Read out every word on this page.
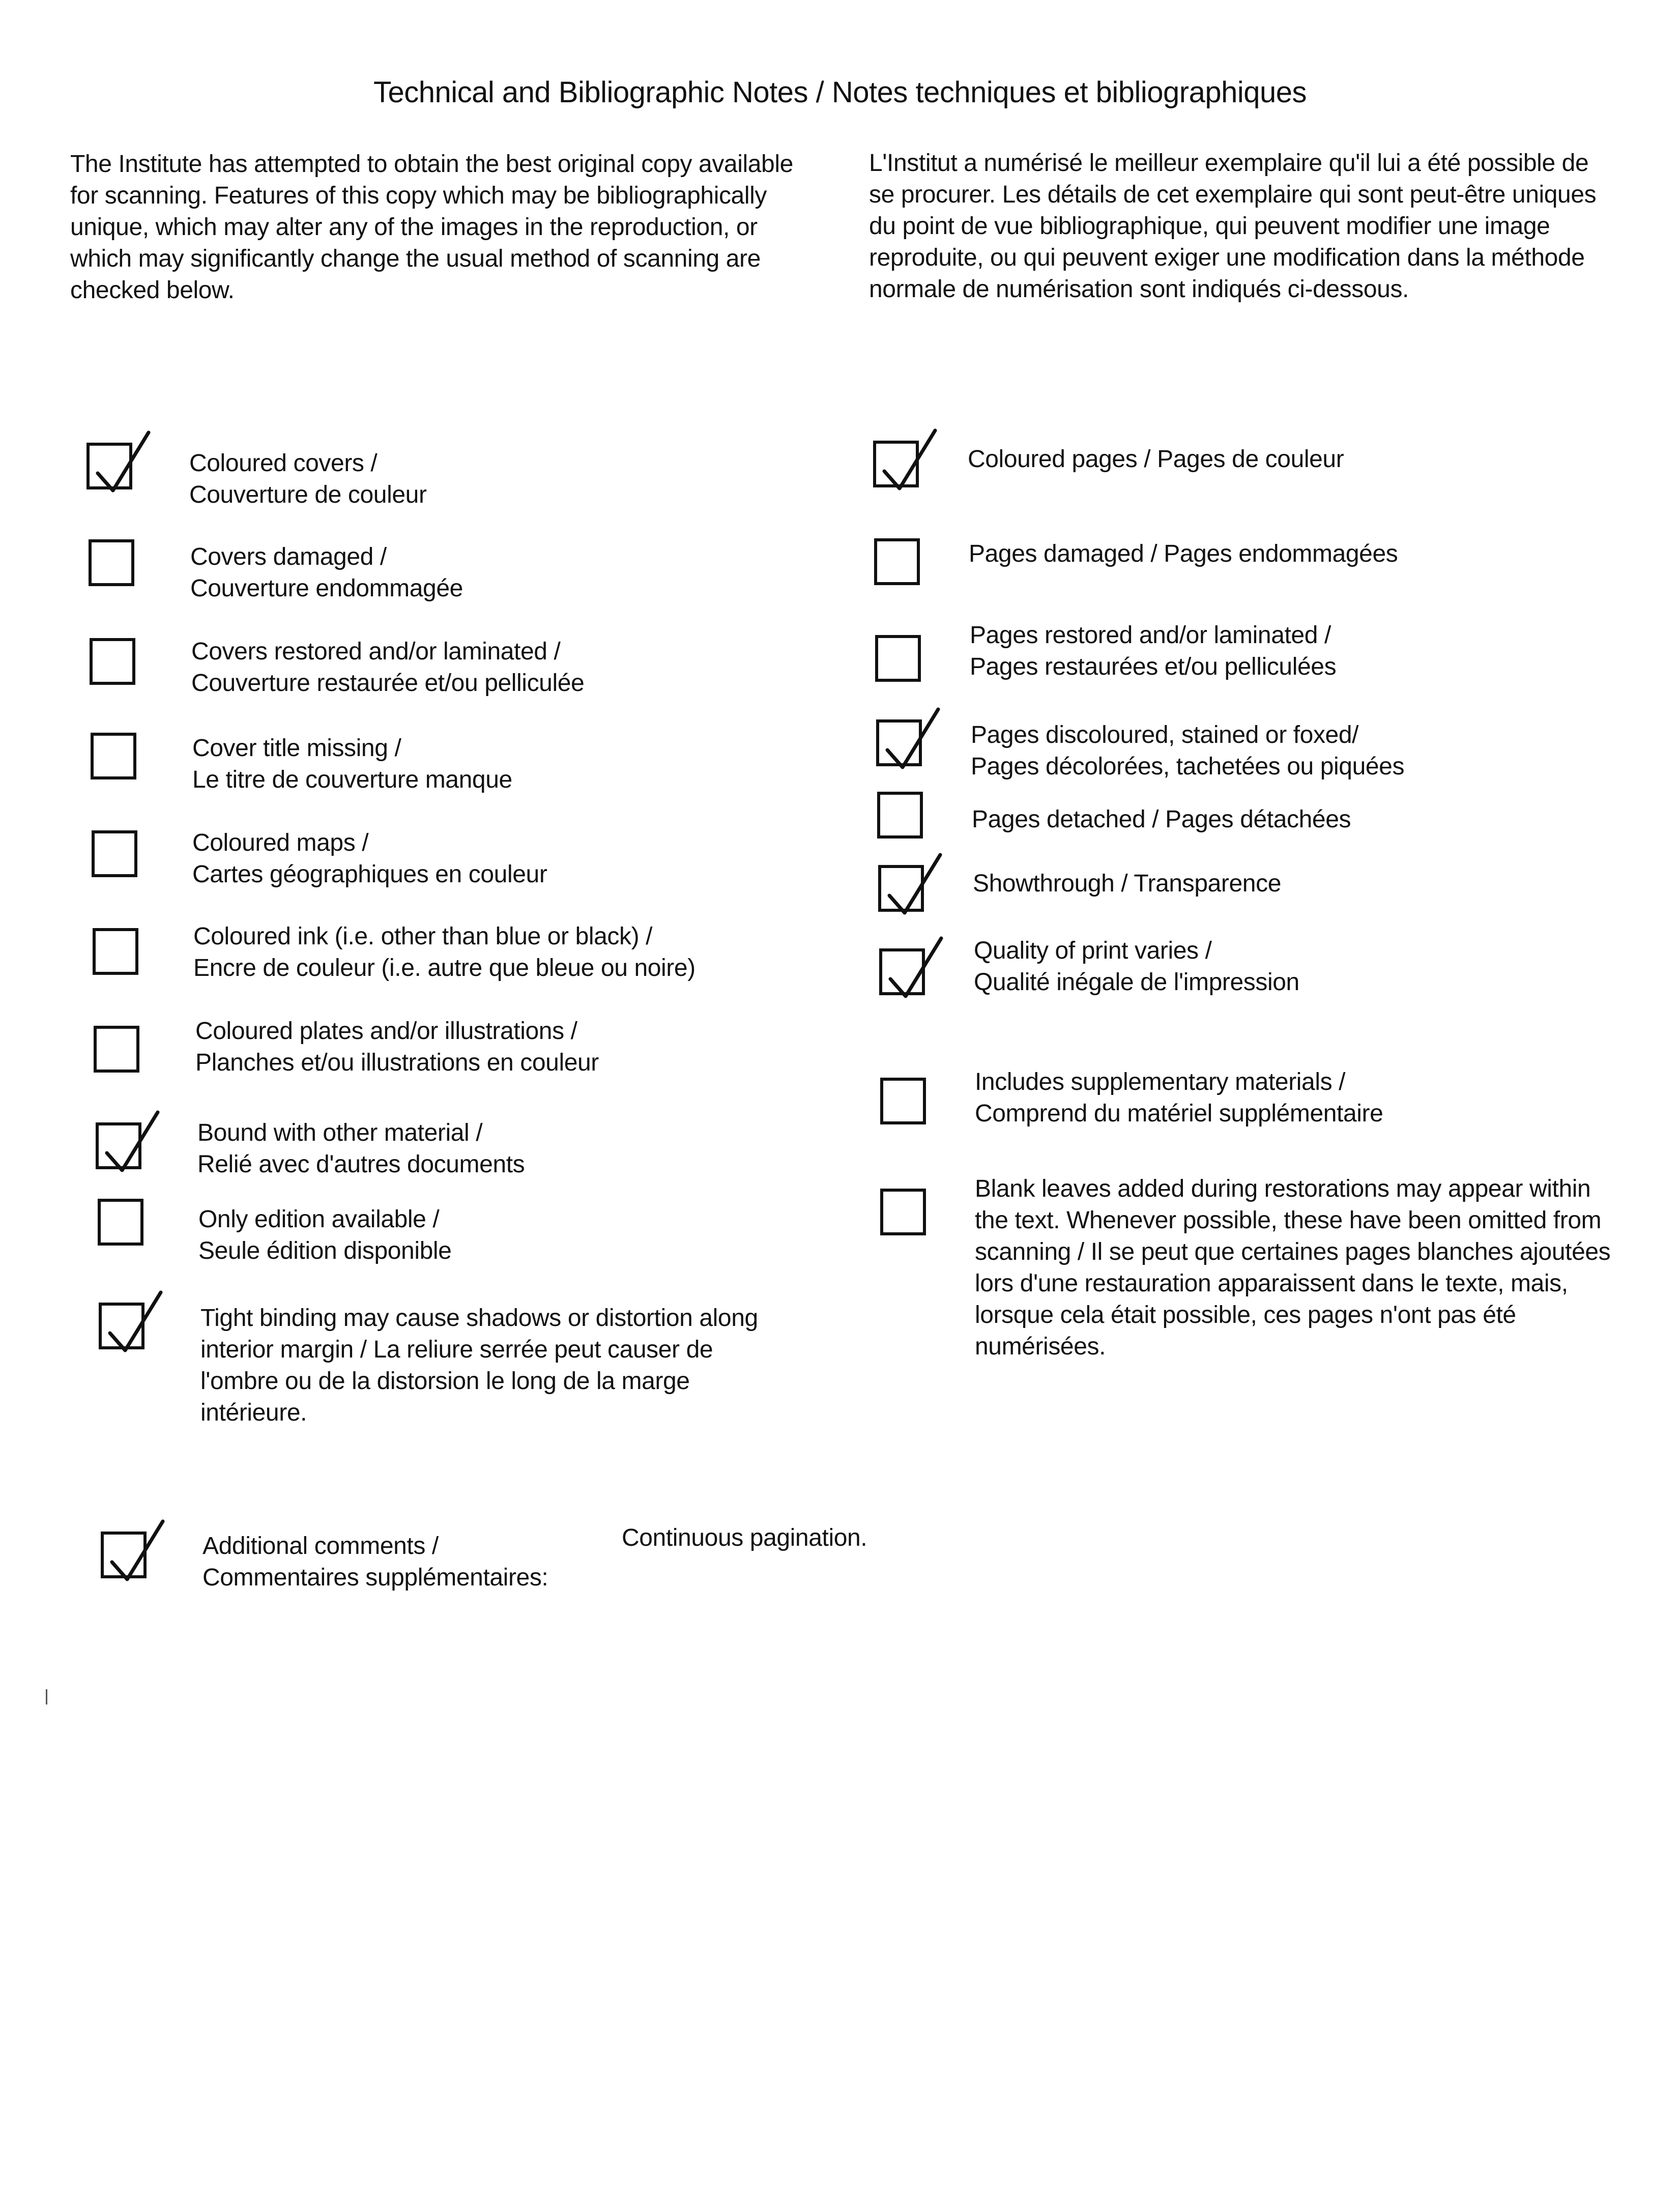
Technical and Bibliographic Notes / Notes techniques et bibliographiques
The Institute has attempted to obtain the best original copy available for scanning. Features of this copy which may be bibliographically unique, which may alter any of the images in the reproduction, or which may significantly change the usual method of scanning are checked below.
L'Institut a numérisé le meilleur exemplaire qu'il lui a été possible de se procurer. Les détails de cet exemplaire qui sont peut-être uniques du point de vue bibliographique, qui peuvent modifier une image reproduite, ou qui peuvent exiger une modification dans la méthode normale de numérisation sont indiqués ci-dessous.
Coloured covers /
Couverture de couleur
Covers damaged /
Couverture endommagée
Covers restored and/or laminated /
Couverture restaurée et/ou pelliculée
Cover title missing /
Le titre de couverture manque
Coloured maps /
Cartes géographiques en couleur
Coloured ink (i.e. other than blue or black) /
Encre de couleur (i.e. autre que bleue ou noire)
Coloured plates and/or illustrations /
Planches et/ou illustrations en couleur
Bound with other material /
Relié avec d'autres documents
Only edition available /
Seule édition disponible
Tight binding may cause shadows or distortion along interior margin / La reliure serrée peut causer de l'ombre ou de la distorsion le long de la marge intérieure.
Coloured pages / Pages de couleur
Pages damaged / Pages endommagées
Pages restored and/or laminated /
Pages restaurées et/ou pelliculées
Pages discoloured, stained or foxed/
Pages décolorées, tachetées ou piquées
Pages detached / Pages détachées
Showthrough / Transparence
Quality of print varies /
Qualité inégale de l'impression
Includes supplementary materials /
Comprend du matériel supplémentaire
Blank leaves added during restorations may appear within the text. Whenever possible, these have been omitted from scanning / Il se peut que certaines pages blanches ajoutées lors d'une restauration apparaissent dans le texte, mais, lorsque cela était possible, ces pages n'ont pas été numérisées.
Additional comments /
Commentaires supplémentaires:
Continuous pagination.
